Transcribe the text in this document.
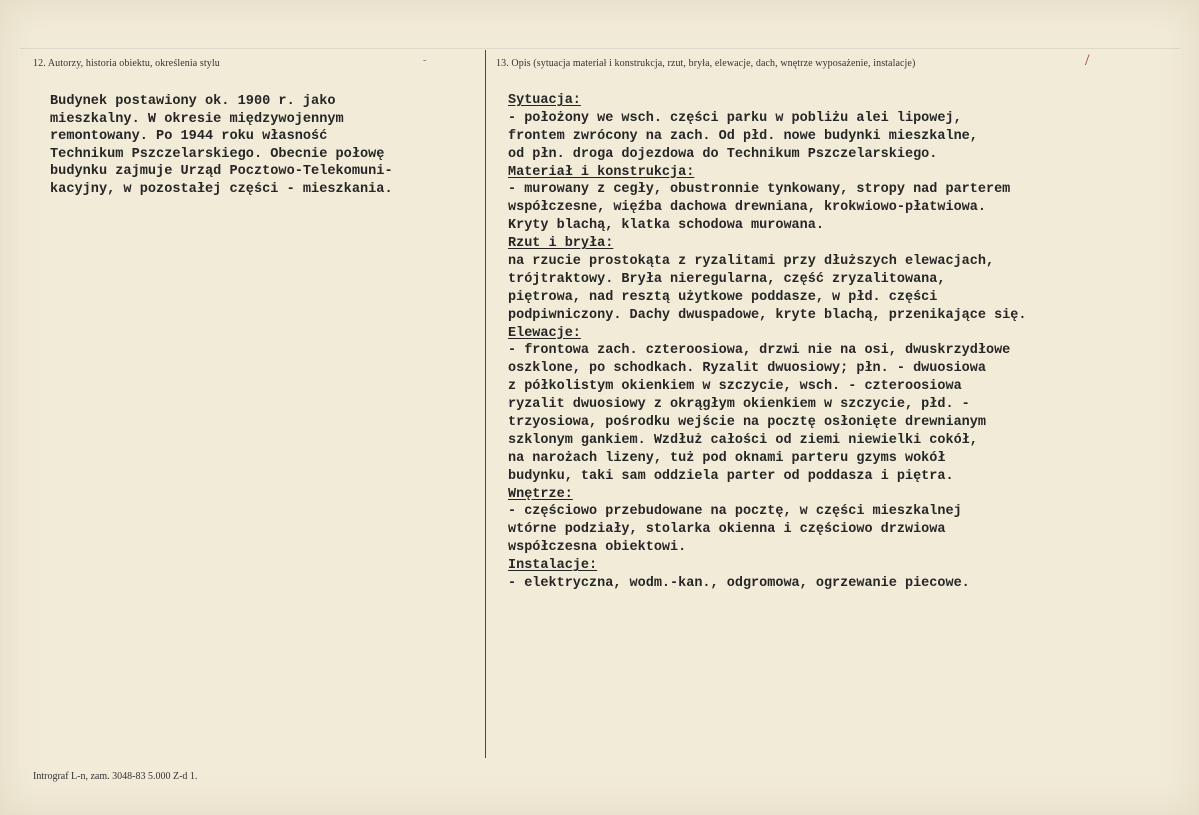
12. Autorzy, historia obiektu, określenia stylu	-	13. Opis (sytuacja materiał i konstrukcja, rzut, bryła, elewacje, dach, wnętrze wyposażenie, instalacje)	/
Budynek postawiony ok. 1900 r. jako
mieszkalny. W okresie międzywojennym
remontowany. Po 1944 roku własność
Technikum Pszczelarskiego. Obecnie połowę
budynku zajmuje Urząd Pocztowo-Telekomuni-
kacyjny, w pozostałej części - mieszkania.
Sytuacja:
- położony we wsch. części parku w pobliżu alei lipowej,
frontem zwrócony na zach. Od płd. nowe budynki mieszkalne,
od płn. droga dojezdowa do Technikum Pszczelarskiego.
Materiał i konstrukcja:
- murowany z cegły, obustronnie tynkowany, stropy nad parterem
współczesne, więźba dachowa drewniana, krokwiowo-płatwiowa.
Kryty blachą, klatka schodowa murowana.
Rzut i bryła:
na rzucie prostokąta z ryzalitami przy dłuższych elewacjach,
trójtraktowy. Bryła nieregularna, część zryzalitowana,
piętrowa, nad resztą użytkowe poddasze, w płd. części
podpiwniczony. Dachy dwuspadowe, kryte blachą, przenikające się.
Elewacje:
- frontowa zach. czteroosiowa, drzwi nie na osi, dwuskrzydłowe
oszklone, po schodkach. Ryzalit dwuosiowy; płn. - dwuosiowa
z półkolistym okienkiem w szczycie, wsch. - czteroosiowa
ryzalit dwuosiowy z okrągłym okienkiem w szczycie, płd. -
trzyosiowa, pośrodku wejście na pocztę osłonięte drewnianym
szklonym gankiem. Wzdłuż całości od ziemi niewielki cokół,
na narożach lizeny, tuż pod oknami parteru gzyms wokół
budynku, taki sam oddziela parter od poddasza i piętra.
Wnętrze:
- częściowo przebudowane na pocztę, w części mieszkalnej
wtórne podziały, stolarka okienna i częściowo drzwiowa
współczesna obiektowi.
Instalacje:
- elektryczna, wodm.-kan., odgromowa, ogrzewanie piecowe.
Intrograf L-n, zam. 3048-83 5.000 Z-d 1.
